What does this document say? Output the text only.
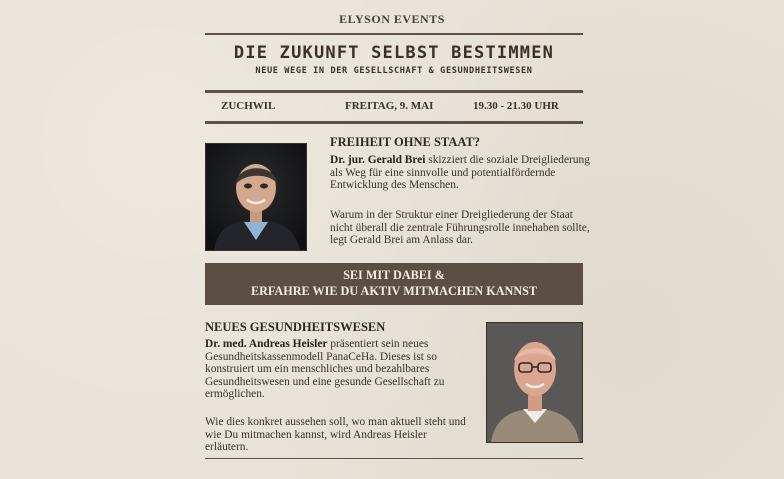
ELYSON EVENTS
DIE ZUKUNFT SELBST BESTIMMEN
NEUE WEGE IN DER GESELLSCHAFT & GESUNDHEITSWESEN
ZUCHWIL	FREITAG, 9. MAI	19.30 - 21.30 UHR
FREIHEIT OHNE STAAT?
Dr. jur. Gerald Brei skizziert die soziale Dreigliederung als Weg für eine sinnvolle und potentialfördernde Entwicklung des Menschen.
Warum in der Struktur einer Dreigliederung der Staat nicht überall die zentrale Führungsrolle innehaben sollte, legt Gerald Brei am Anlass dar.
SEI MIT DABEI &
ERFAHRE WIE DU AKTIV MITMACHEN KANNST
NEUES GESUNDHEITSWESEN
Dr. med. Andreas Heisler präsentiert sein neues Gesundheitskassenmodell PanaCeHa. Dieses ist so konstruiert um ein menschliches und bezahlbares Gesundheitswesen und eine gesunde Gesellschaft zu ermöglichen.
Wie dies konkret aussehen soll, wo man aktuell steht und wie Du mitmachen kannst, wird Andreas Heisler erläutern.
